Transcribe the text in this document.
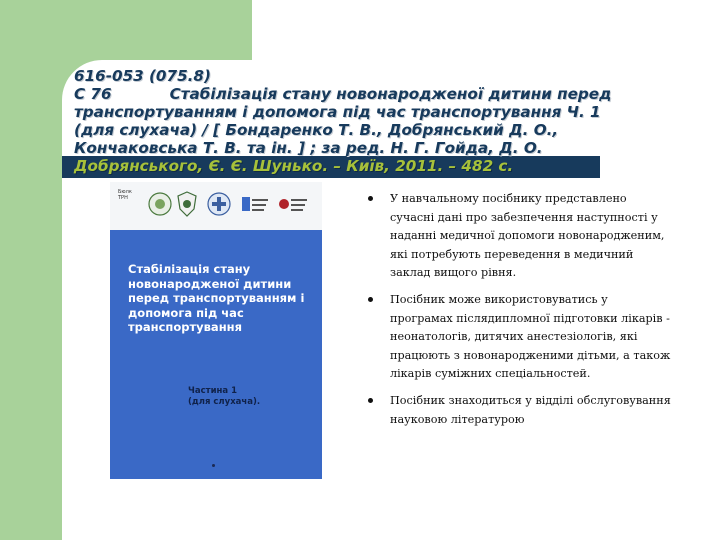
616-053 (075.8)
С 76	Стабілізація стану новонародженої дитини перед
транспортуванням і допомога під час транспортування Ч. 1
(для слухача) / [ Бондаренко Т. В., Добрянський Д. О.,
Кончаковська Т. В. та ін. ] ; за ред. Н. Г. Гойда, Д. О.
Добрянського, Є. Є. Шунько. – Київ, 2011. – 482 с.
Бюлк ТРН
Стабілізація стану новонародженої дитини перед транспортуванням і допомога під час транспортування
Частина 1
(для слухача).
У навчальному посібнику представлено сучасні дані про забезпечення наступності у наданні медичної допомоги новонародженим, які потребують переведення в медичний заклад вищого рівня.
Посібник може використовуватись у програмах післядипломної підготовки лікарів - неонатологів, дитячих анестезіологів, які працюють з новонародженими дітьми, а також лікарів суміжних спеціальностей.
Посібник знаходиться у відділі обслуговування науковою літературою
